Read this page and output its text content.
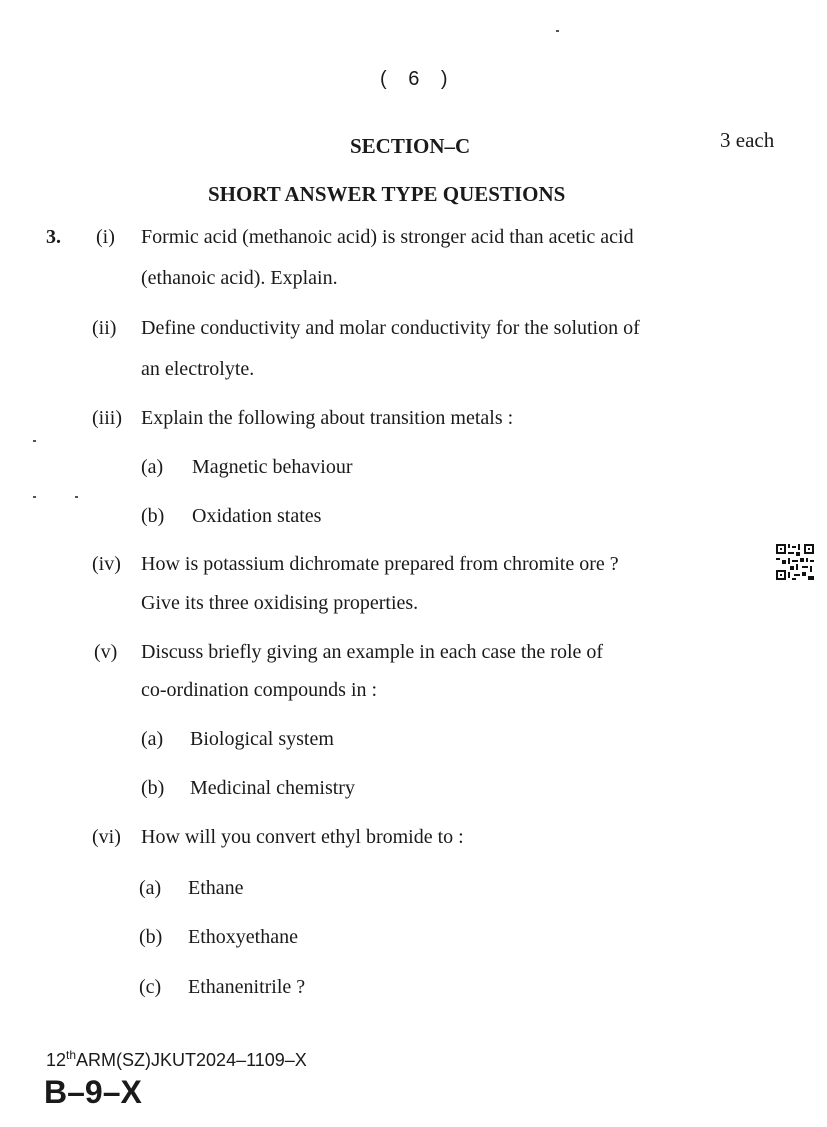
( 6 )
SECTION–C	3 each
SHORT ANSWER TYPE QUESTIONS
3. (i) Formic acid (methanoic acid) is stronger acid than acetic acid
(ethanoic acid). Explain.
(ii) Define conductivity and molar conductivity for the solution of
an electrolyte.
(iii) Explain the following about transition metals :
(a) Magnetic behaviour
(b) Oxidation states
(iv) How is potassium dichromate prepared from chromite ore ?
Give its three oxidising properties.
(v) Discuss briefly giving an example in each case the role of
co-ordination compounds in :
(a) Biological system
(b) Medicinal chemistry
(vi) How will you convert ethyl bromide to :
(a) Ethane
(b) Ethoxyethane
(c) Ethanenitrile ?
12thARM(SZ)JKUT2024–1109–X
B–9–X
